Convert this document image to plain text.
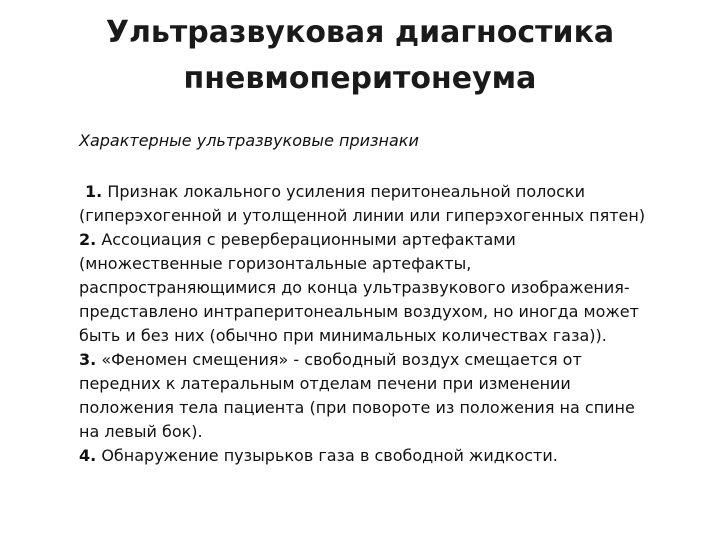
Ультразвуковая диагностика
пневмоперитонеума
Характерные ультразвуковые признаки

1. Признак локального усиления перитонеальной полоски (гиперэхогенной и утолщенной линии или гиперэхогенных пятен)

2. Ассоциация с реверберационными артефактами (множественные горизонтальные артефакты, распространяющимися до конца ультразвукового изображения-представлено интраперитонеальным воздухом, но иногда может быть и без них (обычно при минимальных количествах газа)).

3. «Феномен смещения» - свободный воздух смещается от передних к латеральным отделам печени при изменении положения тела пациента (при повороте из положения на спине на левый бок).

4. Обнаружение пузырьков газа в свободной жидкости.
